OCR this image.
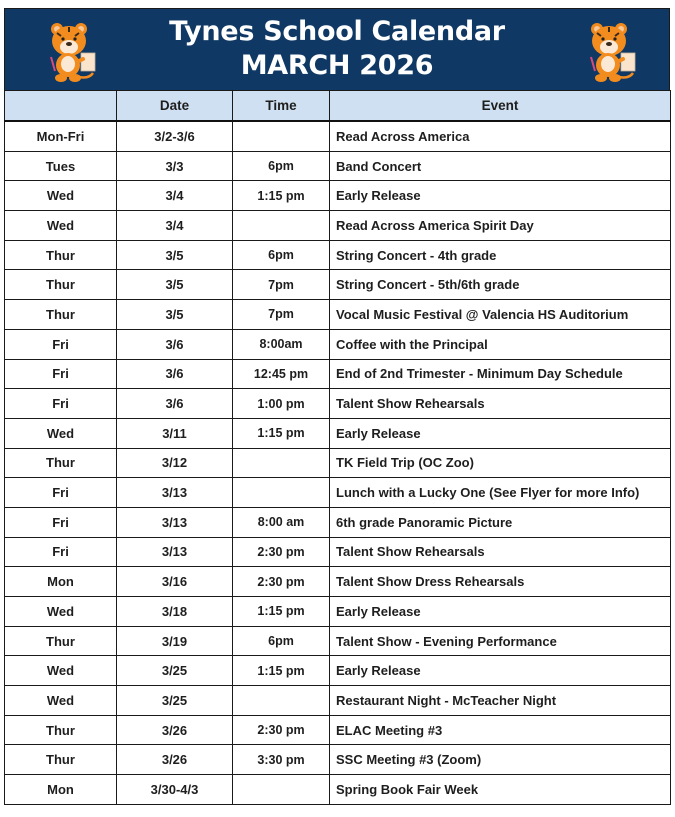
Tynes School Calendar
MARCH 2026
	Date	Time	Event
Mon-Fri	3/2-3/6		Read Across America
Tues	3/3	6pm	Band Concert
Wed	3/4	1:15 pm	Early Release
Wed	3/4		Read Across America Spirit Day
Thur	3/5	6pm	String Concert - 4th grade
Thur	3/5	7pm	String Concert - 5th/6th grade
Thur	3/5	7pm	Vocal Music Festival @ Valencia HS Auditorium
Fri	3/6	8:00am	Coffee with the Principal
Fri	3/6	12:45 pm	End of 2nd Trimester - Minimum Day Schedule
Fri	3/6	1:00 pm	Talent Show Rehearsals
Wed	3/11	1:15 pm	Early Release
Thur	3/12		TK Field Trip (OC Zoo)
Fri	3/13		Lunch with a Lucky One (See Flyer for more Info)
Fri	3/13	8:00 am	6th grade Panoramic Picture
Fri	3/13	2:30 pm	Talent Show Rehearsals
Mon	3/16	2:30 pm	Talent Show Dress Rehearsals
Wed	3/18	1:15 pm	Early Release
Thur	3/19	6pm	Talent Show - Evening Performance
Wed	3/25	1:15 pm	Early Release
Wed	3/25		Restaurant Night - McTeacher Night
Thur	3/26	2:30 pm	ELAC Meeting #3
Thur	3/26	3:30 pm	SSC Meeting #3 (Zoom)
Mon	3/30-4/3		Spring Book Fair Week
